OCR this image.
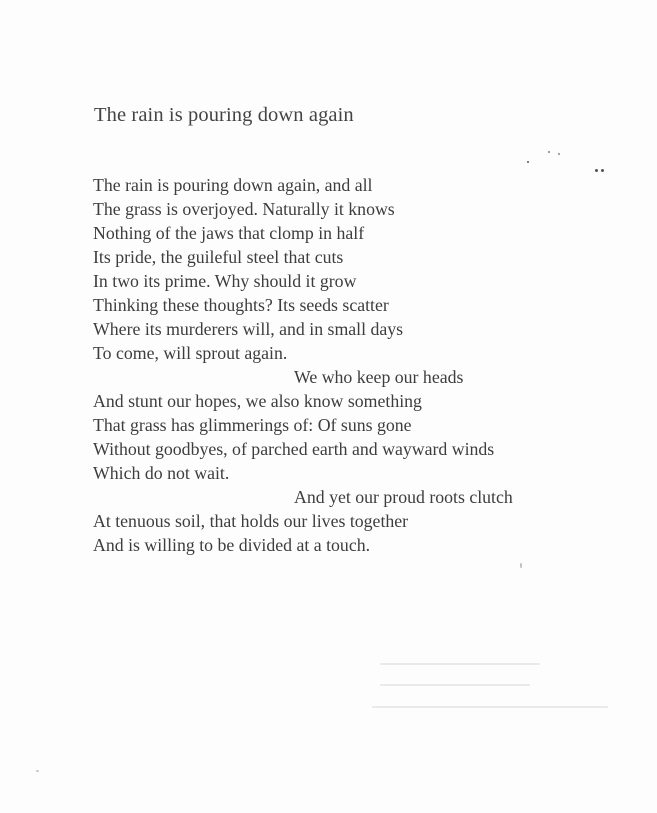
The rain is pouring down again
The rain is pouring down again, and all
The grass is overjoyed. Naturally it knows
Nothing of the jaws that clomp in half
Its pride, the guileful steel that cuts
In two its prime. Why should it grow
Thinking these thoughts? Its seeds scatter
Where its murderers will, and in small days
To come, will sprout again.
We who keep our heads
And stunt our hopes, we also know something
That grass has glimmerings of: Of suns gone
Without goodbyes, of parched earth and wayward winds
Which do not wait.
And yet our proud roots clutch
At tenuous soil, that holds our lives together
And is willing to be divided at a touch.
